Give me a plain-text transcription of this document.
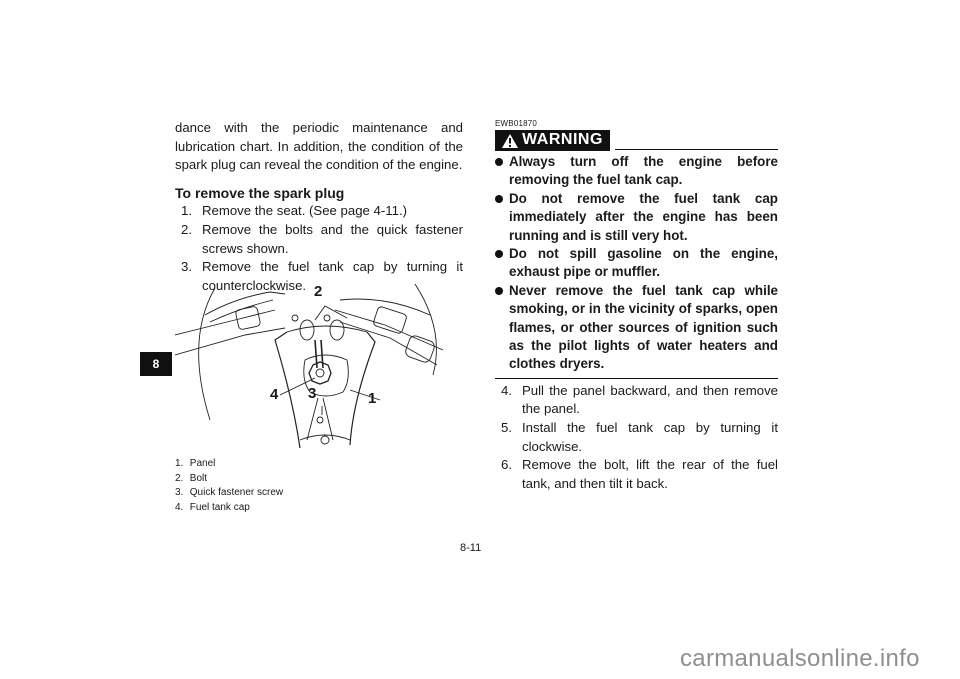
8

dance with the periodic maintenance and lubrication chart. In addition, the condition of the spark plug can reveal the condition of the engine.

To remove the spark plug
1. Remove the seat. (See page 4-11.)
2. Remove the bolts and the quick fastener screws shown.
3. Remove the fuel tank cap by turning it counterclockwise. 2
4 3	1
1. Panel
2. Bolt
3. Quick fastener screw
4. Fuel tank cap
EWB01870
WARNING
Always turn off the engine before removing the fuel tank cap.
Do not remove the fuel tank cap immediately after the engine has been running and is still very hot.
Do not spill gasoline on the engine, exhaust pipe or muffler.
Never remove the fuel tank cap while smoking, or in the vicinity of sparks, open flames, or other sources of ignition such as the pilot lights of water heaters and clothes dryers.
4. Pull the panel backward, and then remove the panel.
5. Install the fuel tank cap by turning it clockwise.
6. Remove the bolt, lift the rear of the fuel tank, and then tilt it back.
8-11
carmanualsonline.info
